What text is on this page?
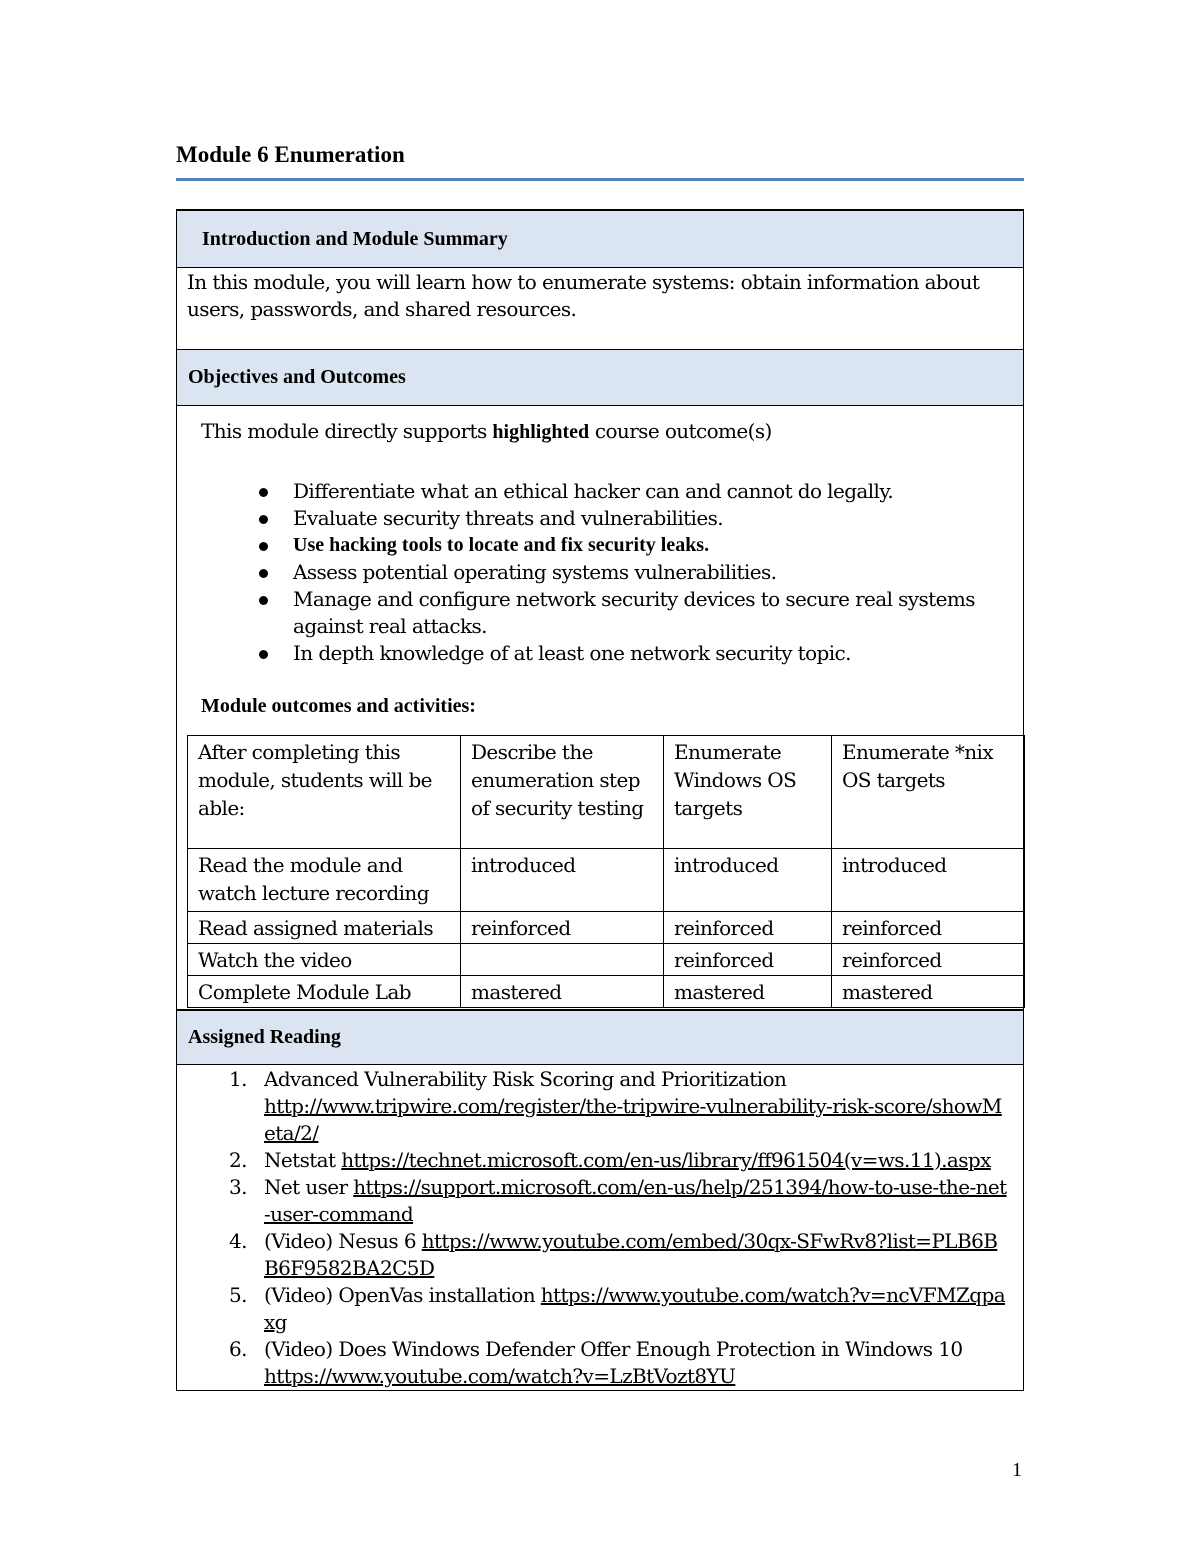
Module 6 Enumeration
Introduction and Module Summary
In this module, you will learn how to enumerate systems: obtain information about users, passwords, and shared resources.
Objectives and Outcomes
This module directly supports highlighted course outcome(s)
Differentiate what an ethical hacker can and cannot do legally.
Evaluate security threats and vulnerabilities.
Use hacking tools to locate and fix security leaks.
Assess potential operating systems vulnerabilities.
Manage and configure network security devices to secure real systems against real attacks.
In depth knowledge of at least one network security topic.
Module outcomes and activities:
After completing this module, students will be able:	Describe the enumeration step of security testing	Enumerate Windows OS targets	Enumerate *nix OS targets
Read the module and watch lecture recording	introduced	introduced	introduced
Read assigned materials	reinforced	reinforced	reinforced
Watch the video		reinforced	reinforced
Complete Module Lab	mastered	mastered	mastered
Assigned Reading
1. Advanced Vulnerability Risk Scoring and Prioritization
http://www.tripwire.com/register/the-tripwire-vulnerability-risk-score/showMeta/2/
2. Netstat https://technet.microsoft.com/en-us/library/ff961504(v=ws.11).aspx
3. Net user https://support.microsoft.com/en-us/help/251394/how-to-use-the-net-user-command
4. (Video) Nesus 6 https://www.youtube.com/embed/30qx-SFwRv8?list=PLB6BB6F9582BA2C5D
5. (Video) OpenVas installation https://www.youtube.com/watch?v=ncVFMZqpaxg
6. (Video) Does Windows Defender Offer Enough Protection in Windows 10
https://www.youtube.com/watch?v=LzBtVozt8YU
1
